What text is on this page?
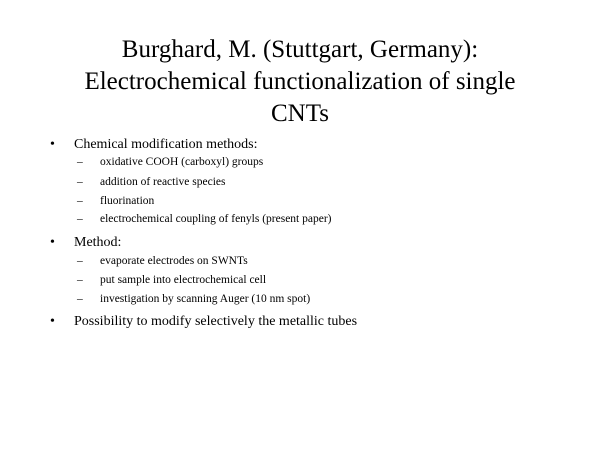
Burghard, M. (Stuttgart, Germany):
Electrochemical functionalization of single
CNTs
• Chemical modification methods:
– oxidative COOH (carboxyl) groups
– addition of reactive species
– fluorination
– electrochemical coupling of fenyls (present paper)
• Method:
– evaporate electrodes on SWNTs
– put sample into electrochemical cell
– investigation by scanning Auger (10 nm spot)
• Possibility to modify selectively the metallic tubes
